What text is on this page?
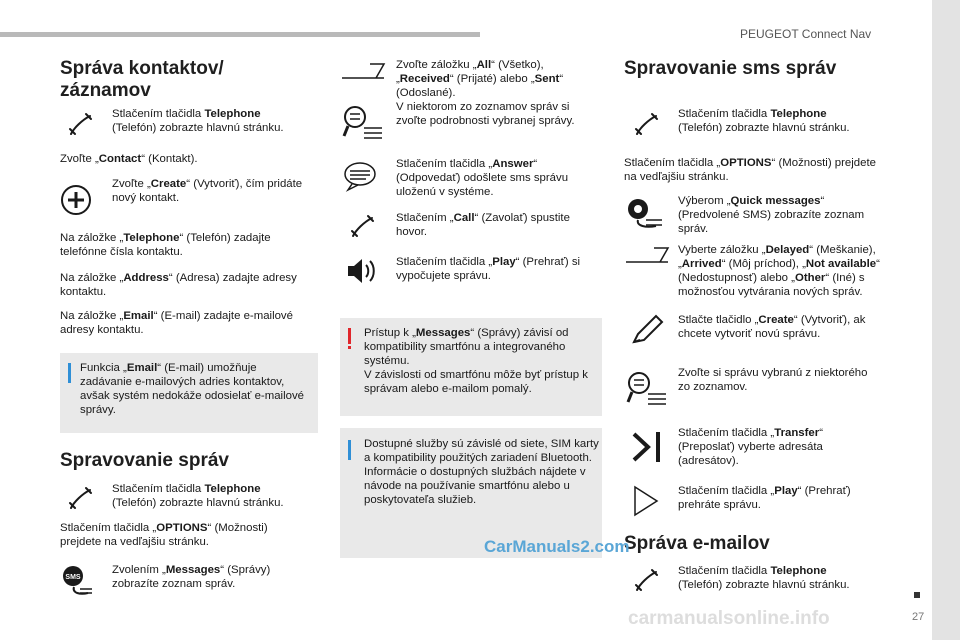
PEUGEOT Connect Nav
27
Správa kontaktov/ záznamov
Stlačením tlačidla Telephone
(Telefón) zobrazte hlavnú stránku.
Zvoľte „Contact“ (Kontakt).
Zvoľte „Create“ (Vytvoriť), čím pridáte nový kontakt.
Na záložke „Telephone“ (Telefón) zadajte telefónne čísla kontaktu.
Na záložke „Address“ (Adresa) zadajte adresy kontaktu.
Na záložke „Email“ (E-mail) zadajte e-mailové adresy kontaktu.
Funkcia „Email“ (E-mail) umožňuje zadávanie e-mailových adries kontaktov, avšak systém nedokáže odosielať e-mailové správy.
Spravovanie správ
Stlačením tlačidla Telephone
(Telefón) zobrazte hlavnú stránku.
Stlačením tlačidla „OPTIONS“ (Možnosti) prejdete na vedľajšiu stránku.
SMS
Zvolením „Messages“ (Správy) zobrazíte zoznam správ.
Zvoľte záložku „All“ (Všetko), „Received“ (Prijaté) alebo „Sent“ (Odoslané).
V niektorom zo zoznamov správ si zvoľte podrobnosti vybranej správy.
Stlačením tlačidla „Answer“ (Odpovedať) odošlete sms správu uloženú v systéme.
Stlačením „Call“ (Zavolať) spustite hovor.
Stlačením tlačidla „Play“ (Prehrať) si vypočujete správu.
Prístup k „Messages“ (Správy) závisí od kompatibility smartfónu a integrovaného systému.
V závislosti od smartfónu môže byť prístup k správam alebo e-mailom pomalý.
Dostupné služby sú závislé od siete, SIM karty a kompatibility použitých zariadení Bluetooth.
Informácie o dostupných službách nájdete v návode na používanie smartfónu alebo u poskytovateľa služieb.
Spravovanie sms správ
Stlačením tlačidla Telephone
(Telefón) zobrazte hlavnú stránku.
Stlačením tlačidla „OPTIONS“ (Možnosti) prejdete na vedľajšiu stránku.
Výberom „Quick messages“ (Predvolené SMS) zobrazíte zoznam správ.
Vyberte záložku „Delayed“ (Meškanie), „Arrived“ (Môj príchod), „Not available“ (Nedostupnosť) alebo „Other“ (Iné) s možnosťou vytvárania nových správ.
Stlačte tlačidlo „Create“ (Vytvoriť), ak chcete vytvoriť novú správu.
Zvoľte si správu vybranú z niektorého zo zoznamov.
Stlačením tlačidla „Transfer“ (Preposlať) vyberte adresáta (adresátov).
Stlačením tlačidla „Play“ (Prehrať) prehráte správu.
Správa e-mailov
Stlačením tlačidla Telephone
(Telefón) zobrazte hlavnú stránku.
CarManuals2.com
carmanualsonline.info
